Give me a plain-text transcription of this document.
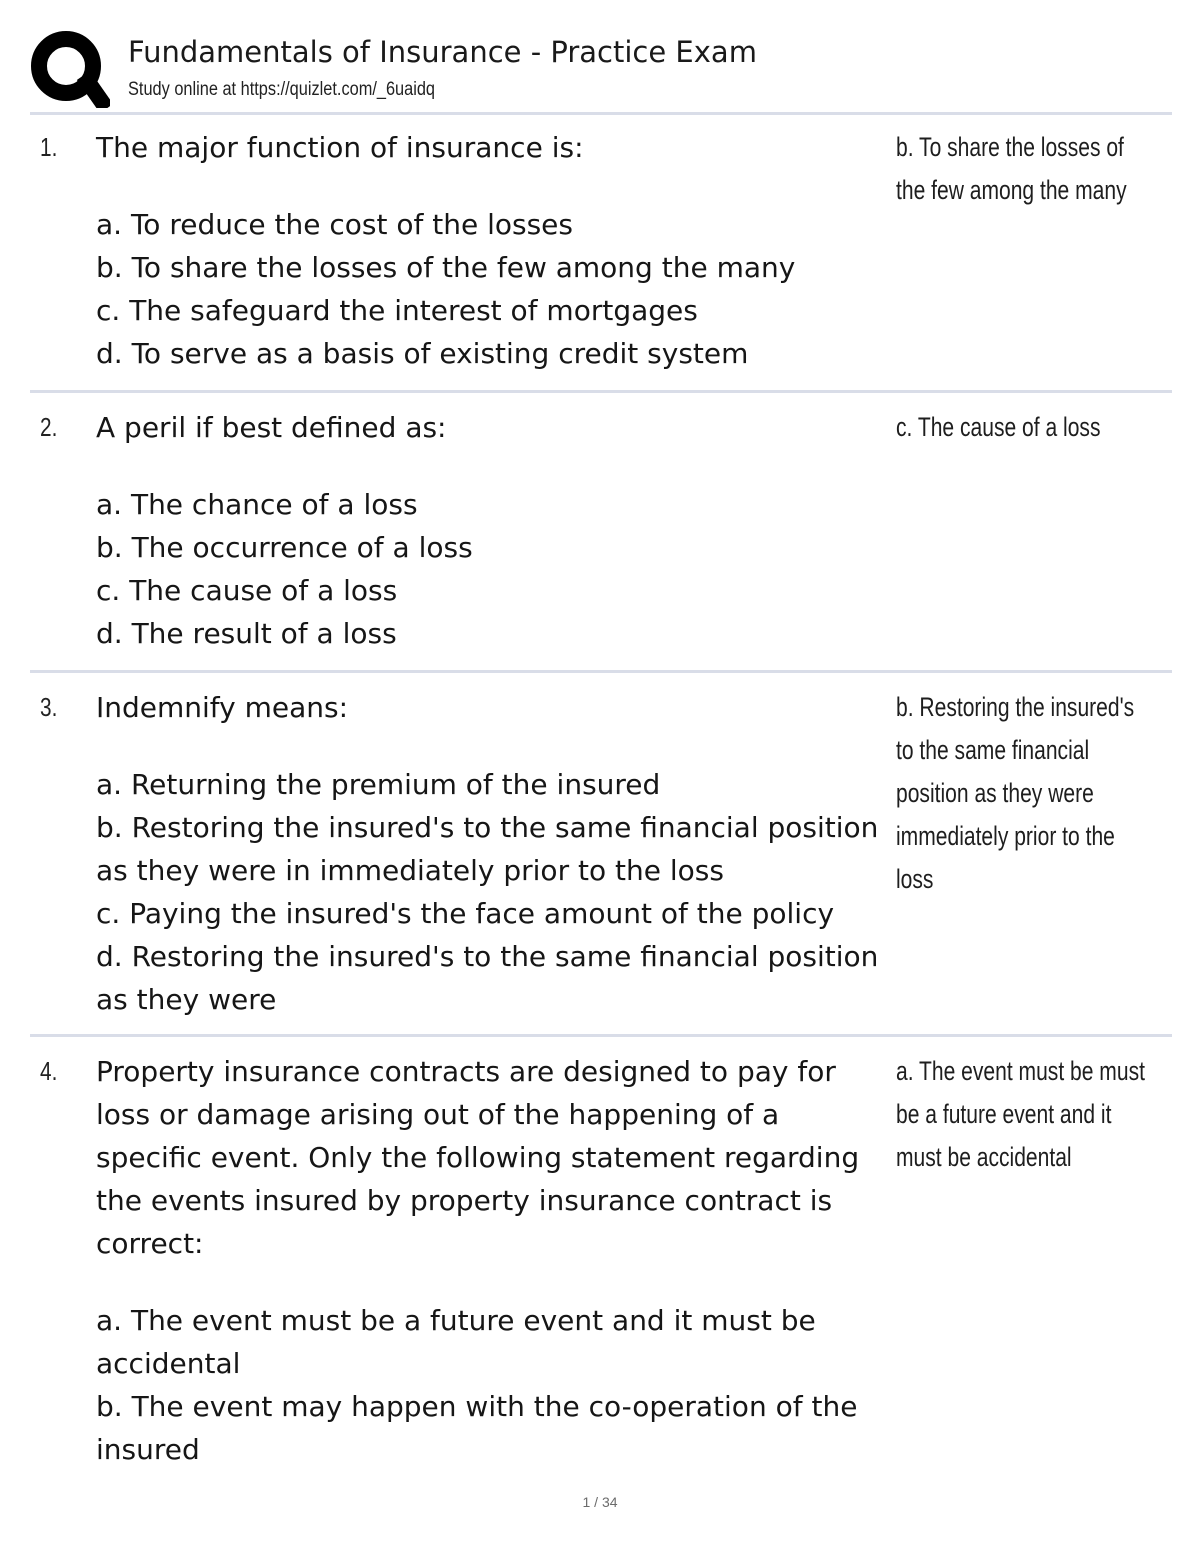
Fundamentals of Insurance - Practice Exam
Study online at https://quizlet.com/_6uaidq
1. The major function of insurance is:

a. To reduce the cost of the losses

b. To share the losses of the few among the many

c. The safeguard the interest of mortgages

d. To serve as a basis of existing credit system

b. To share the losses of the few among the many
2. A peril if best defined as:

a. The chance of a loss

b. The occurrence of a loss

c. The cause of a loss

d. The result of a loss

c. The cause of a loss
3. Indemnify means:

a. Returning the premium of the insured

b. Restoring the insured's to the same financial position as they were in immediately prior to the loss

c. Paying the insured's the face amount of the policy

d. Restoring the insured's to the same financial position as they were

b. Restoring the insured's to the same financial position as they were immediately prior to the loss
4. Property insurance contracts are designed to pay for loss or damage arising out of the happening of a specific event. Only the following statement regarding the events insured by property insurance contract is correct:

a. The event must be a future event and it must be accidental

b. The event may happen with the co-operation of the insured

a. The event must be must be a future event and it must be accidental
1 / 34
